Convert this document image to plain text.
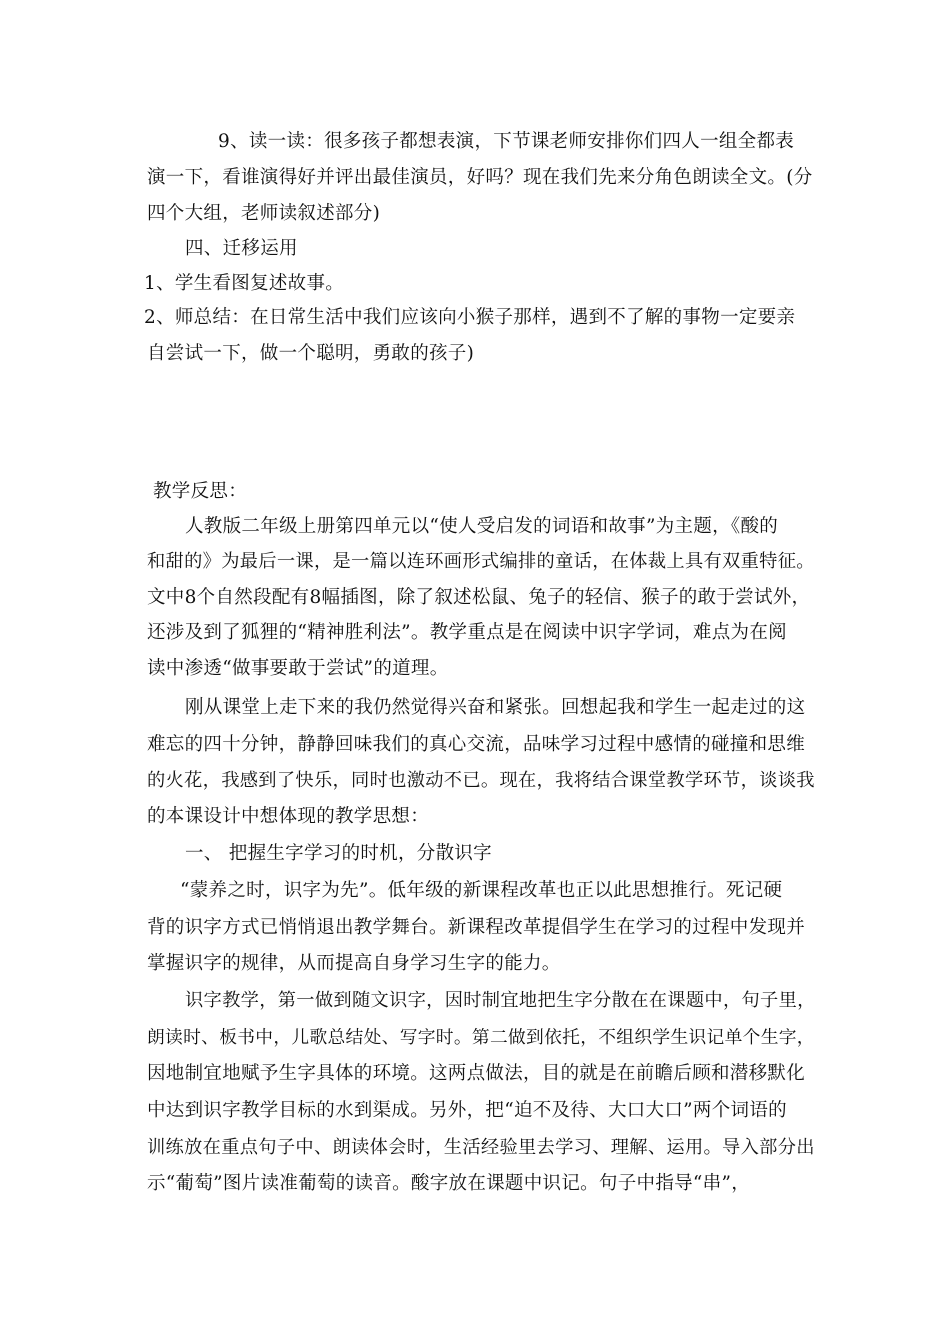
9、读一读：很多孩子都想表演，下节课老师安排你们四人一组全都表
演一下，看谁演得好并评出最佳演员，好吗？现在我们先来分角色朗读全文。(分
四个大组，老师读叙述部分)
四、迁移运用
1、学生看图复述故事。
2、师总结：在日常生活中我们应该向小猴子那样，遇到不了解的事物一定要亲
自尝试一下，做一个聪明，勇敢的孩子)
教学反思：
人教版二年级上册第四单元以“使人受启发的词语和故事”为主题，《酸的
和甜的》为最后一课，是一篇以连环画形式编排的童话，在体裁上具有双重特征。
文中8个自然段配有8幅插图，除了叙述松鼠、兔子的轻信、猴子的敢于尝试外，
还涉及到了狐狸的“精神胜利法”。教学重点是在阅读中识字学词，难点为在阅
读中渗透“做事要敢于尝试”的道理。
刚从课堂上走下来的我仍然觉得兴奋和紧张。回想起我和学生一起走过的这
难忘的四十分钟，静静回味我们的真心交流，品味学习过程中感情的碰撞和思维
的火花，我感到了快乐，同时也激动不已。现在，我将结合课堂教学环节，谈谈我
的本课设计中想体现的教学思想：
一、 把握生字学习的时机，分散识字
“蒙养之时，识字为先”。低年级的新课程改革也正以此思想推行。死记硬
背的识字方式已悄悄退出教学舞台。新课程改革提倡学生在学习的过程中发现并
掌握识字的规律，从而提高自身学习生字的能力。
识字教学，第一做到随文识字，因时制宜地把生字分散在在课题中，句子里，
朗读时、板书中，儿歌总结处、写字时。第二做到依托，不组织学生识记单个生字，
因地制宜地赋予生字具体的环境。这两点做法，目的就是在前瞻后顾和潜移默化
中达到识字教学目标的水到渠成。另外，把“迫不及待、大口大口”两个词语的
训练放在重点句子中、朗读体会时，生活经验里去学习、理解、运用。导入部分出
示“葡萄”图片读准葡萄的读音。酸字放在课题中识记。句子中指导“串”，
